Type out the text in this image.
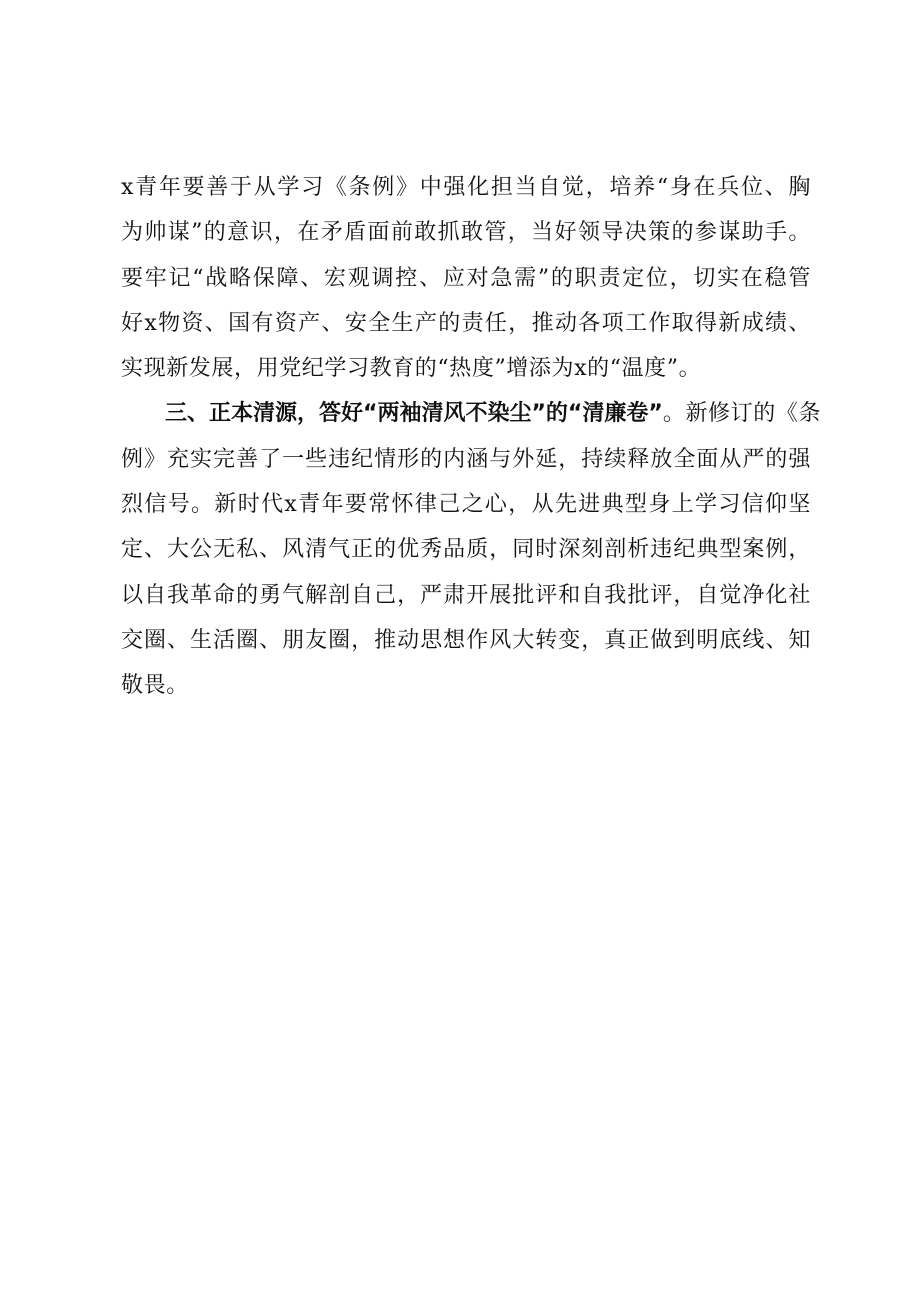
x青年要善于从学习《条例》中强化担当自觉，培养“身在兵位、胸
为帅谋”的意识，在矛盾面前敢抓敢管，当好领导决策的参谋助手。
要牢记“战略保障、宏观调控、应对急需”的职责定位，切实在稳管
好x物资、国有资产、安全生产的责任，推动各项工作取得新成绩、
实现新发展，用党纪学习教育的“热度”增添为x的“温度”。
三、正本清源，答好“两袖清风不染尘”的“清廉卷”。新修订的《条
例》充实完善了一些违纪情形的内涵与外延，持续释放全面从严的强
烈信号。新时代x青年要常怀律己之心，从先进典型身上学习信仰坚
定、大公无私、风清气正的优秀品质，同时深刻剖析违纪典型案例，
以自我革命的勇气解剖自己，严肃开展批评和自我批评，自觉净化社
交圈、生活圈、朋友圈，推动思想作风大转变，真正做到明底线、知
敬畏。
